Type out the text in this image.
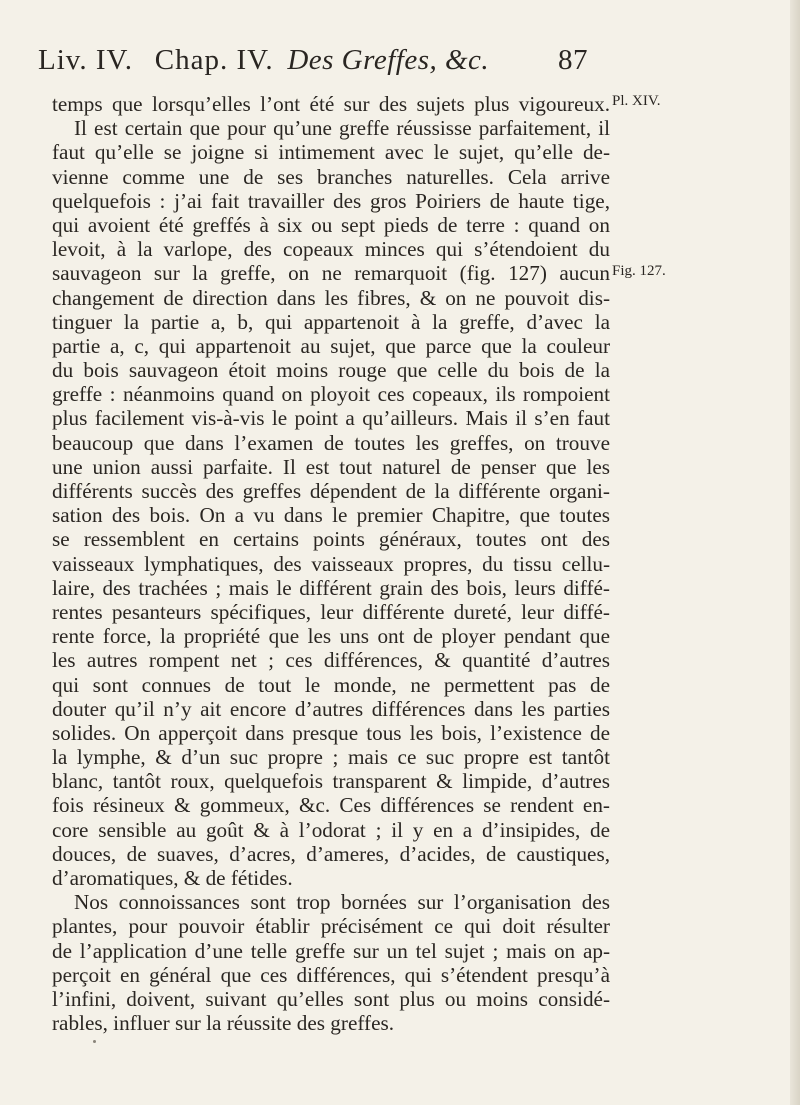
Liv. IV. Chap. IV. Des Greffes, &c. 87
Pl. XIV.
Fig. 127.
temps que lorsqu’elles l’ont été sur des sujets plus vigoureux.
Il est certain que pour qu’une greffe réussisse parfaitement, il
faut qu’elle se joigne si intimement avec le sujet, qu’elle de-
vienne comme une de ses branches naturelles. Cela arrive
quelquefois : j’ai fait travailler des gros Poiriers de haute tige,
qui avoient été greffés à six ou sept pieds de terre : quand on
levoit, à la varlope, des copeaux minces qui s’étendoient du
sauvageon sur la greffe, on ne remarquoit (fig. 127) aucun
changement de direction dans les fibres, & on ne pouvoit dis-
tinguer la partie a, b, qui appartenoit à la greffe, d’avec la
partie a, c, qui appartenoit au sujet, que parce que la couleur
du bois sauvageon étoit moins rouge que celle du bois de la
greffe : néanmoins quand on ployoit ces copeaux, ils rompoient
plus facilement vis-à-vis le point a qu’ailleurs. Mais il s’en faut
beaucoup que dans l’examen de toutes les greffes, on trouve
une union aussi parfaite. Il est tout naturel de penser que les
différents succès des greffes dépendent de la différente organi-
sation des bois. On a vu dans le premier Chapitre, que toutes
se ressemblent en certains points généraux, toutes ont des
vaisseaux lymphatiques, des vaisseaux propres, du tissu cellu-
laire, des trachées ; mais le différent grain des bois, leurs diffé-
rentes pesanteurs spécifiques, leur différente dureté, leur diffé-
rente force, la propriété que les uns ont de ployer pendant que
les autres rompent net ; ces différences, & quantité d’autres
qui sont connues de tout le monde, ne permettent pas de
douter qu’il n’y ait encore d’autres différences dans les parties
solides. On apperçoit dans presque tous les bois, l’existence de
la lymphe, & d’un suc propre ; mais ce suc propre est tantôt
blanc, tantôt roux, quelquefois transparent & limpide, d’autres
fois résineux & gommeux, &c. Ces différences se rendent en-
core sensible au goût & à l’odorat ; il y en a d’insipides, de
douces, de suaves, d’acres, d’ameres, d’acides, de caustiques,
d’aromatiques, & de fétides.
Nos connoissances sont trop bornées sur l’organisation des
plantes, pour pouvoir établir précisément ce qui doit résulter
de l’application d’une telle greffe sur un tel sujet ; mais on ap-
perçoit en général que ces différences, qui s’étendent presqu’à
l’infini, doivent, suivant qu’elles sont plus ou moins considé-
rables, influer sur la réussite des greffes.
